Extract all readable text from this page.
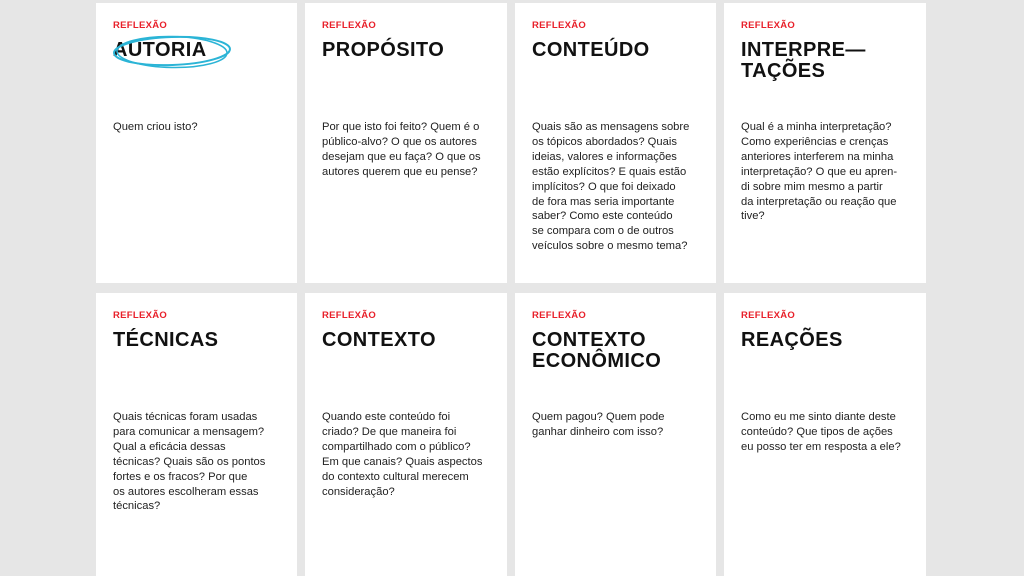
REFLEXÃO
AUTORIA

Quem criou isto?

REFLEXÃO
PROPÓSITO

Por que isto foi feito? Quem é o
público-alvo? O que os autores
desejam que eu faça? O que os
autores querem que eu pense?

REFLEXÃO
CONTEÚDO

Quais são as mensagens sobre
os tópicos abordados? Quais
ideias, valores e informações
estão explícitos? E quais estão
implícitos? O que foi deixado
de fora mas seria importante
saber? Como este conteúdo
se compara com o de outros
veículos sobre o mesmo tema?

REFLEXÃO
INTERPRE—
TAÇÕES

Qual é a minha interpretação?
Como experiências e crenças
anteriores interferem na minha
interpretação? O que eu apren-
di sobre mim mesmo a partir
da interpretação ou reação que
tive?

REFLEXÃO
TÉCNICAS

Quais técnicas foram usadas
para comunicar a mensagem?
Qual a eficácia dessas
técnicas? Quais são os pontos
fortes e os fracos? Por que
os autores escolheram essas
técnicas?

REFLEXÃO
CONTEXTO

Quando este conteúdo foi
criado? De que maneira foi
compartilhado com o público?
Em que canais? Quais aspectos
do contexto cultural merecem
consideração?

REFLEXÃO
CONTEXTO
ECONÔMICO

Quem pagou? Quem pode
ganhar dinheiro com isso?

REFLEXÃO
REAÇÕES

Como eu me sinto diante deste
conteúdo? Que tipos de ações
eu posso ter em resposta a ele?
